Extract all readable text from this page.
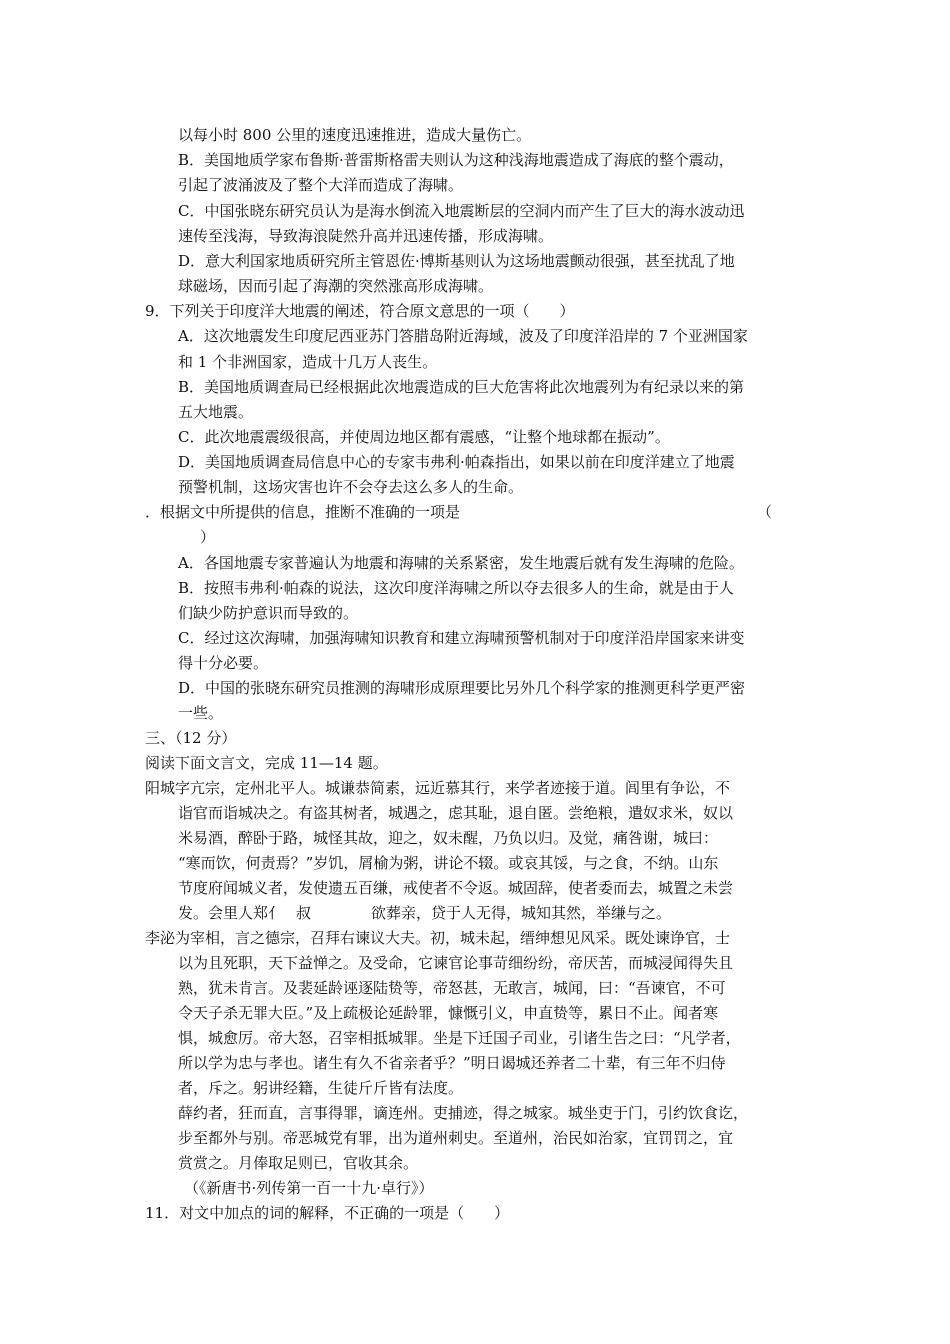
以每小时 800 公里的速度迅速推进，造成大量伤亡。
B．美国地质学家布鲁斯·普雷斯格雷夫则认为这种浅海地震造成了海底的整个震动，
引起了波涌波及了整个大洋而造成了海啸。
C．中国张晓东研究员认为是海水倒流入地震断层的空洞内而产生了巨大的海水波动迅
速传至浅海，导致海浪陡然升高并迅速传播，形成海啸。
D．意大利国家地质研究所主管恩佐·博斯基则认为这场地震颤动很强，甚至扰乱了地
球磁场，因而引起了海潮的突然涨高形成海啸。
9．下列关于印度洋大地震的阐述，符合原文意思的一项（　　）
A．这次地震发生印度尼西亚苏门答腊岛附近海域，波及了印度洋沿岸的 7 个亚洲国家
和 1 个非洲国家，造成十几万人丧生。
B．美国地质调查局已经根据此次地震造成的巨大危害将此次地震列为有纪录以来的第
五大地震。
C．此次地震震级很高，并使周边地区都有震感，“让整个地球都在振动”。
D．美国地质调查局信息中心的专家韦弗利·帕森指出，如果以前在印度洋建立了地震
预警机制，这场灾害也许不会夺去这么多人的生命。
．根据文中所提供的信息，推断不准确的一项是	（
）
A．各国地震专家普遍认为地震和海啸的关系紧密，发生地震后就有发生海啸的危险。
B．按照韦弗利·帕森的说法，这次印度洋海啸之所以夺去很多人的生命，就是由于人
们缺少防护意识而导致的。
C．经过这次海啸，加强海啸知识教育和建立海啸预警机制对于印度洋沿岸国家来讲变
得十分必要。
D．中国的张晓东研究员推测的海啸形成原理要比另外几个科学家的推测更科学更严密
一些。
三、（12 分）
阅读下面文言文，完成 11—14 题。
阳城字亢宗，定州北平人。城谦恭简素，远近慕其行，来学者迹接于道。闾里有争讼，不
诣官而诣城决之。有盗其树者，城遇之，虑其耻，退自匿。尝绝粮，遣奴求米，奴以
米易酒，醉卧于路，城怪其故，迎之，奴未醒，乃负以归。及觉，痛咎谢，城曰：
“寒而饮，何责焉？”岁饥，屑榆为粥，讲论不辍。或哀其馁，与之食，不纳。山东
节度府闻城义者，发使遗五百缣，戒使者不令返。城固辞，使者委而去，城置之未尝
发。会里人郑亻 叔	欲葬亲，贷于人无得，城知其然，举缣与之。
李泌为宰相，言之德宗，召拜右谏议大夫。初，城未起，缙绅想见风采。既处谏诤官，士
以为且死职，天下益惮之。及受命，它谏官论事苛细纷纷，帝厌苦，而城浸闻得失且
熟，犹未肯言。及裴延龄诬逐陆贽等，帝怒甚，无敢言，城闻，曰：“吾谏官，不可
令天子杀无罪大臣。”及上疏极论延龄罪，慷慨引义，申直贽等，累日不止。闻者寒
惧，城愈厉。帝大怒，召宰相抵城罪。坐是下迁国子司业，引诸生告之曰：“凡学者，
所以学为忠与孝也。诸生有久不省亲者乎？”明日谒城还养者二十辈，有三年不归侍
者，斥之。躬讲经籍，生徒斤斤皆有法度。
薛约者，狂而直，言事得罪，谪连州。吏捕迹，得之城家。城坐吏于门，引约饮食讫，
步至都外与别。帝恶城党有罪，出为道州刺史。至道州，治民如治家，宜罚罚之，宜
赏赏之。月俸取足则已，官收其余。
（《新唐书·列传第一百一十九·卓行》）
11．对文中加点的词的解释，不正确的一项是（　　）
